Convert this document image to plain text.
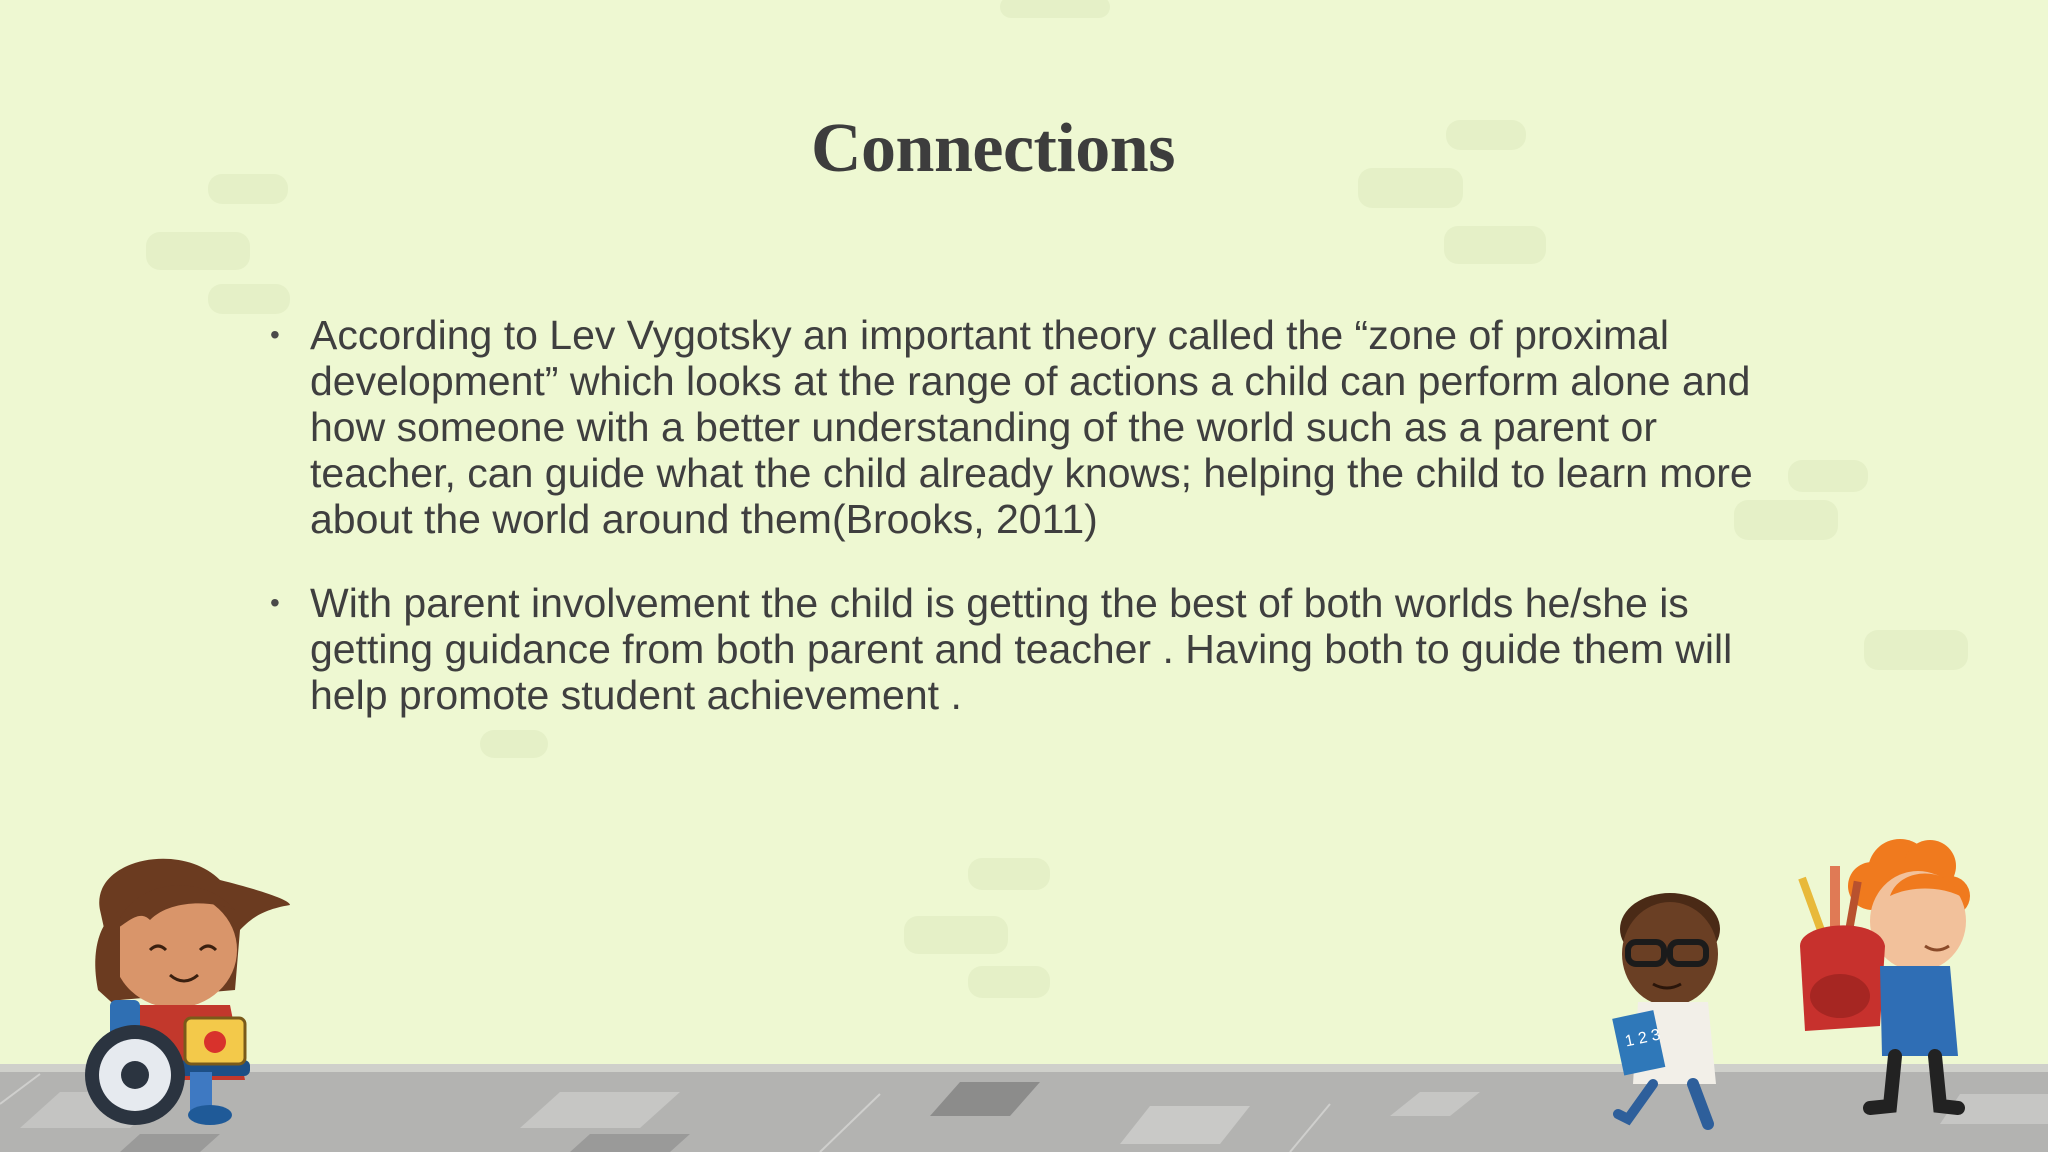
Connections
• According to Lev Vygotsky an important theory called the “zone of proximal development” which looks at the range of actions a child can perform alone and how someone with a better understanding of the world such as a parent or teacher, can guide what the child already knows; helping the child to learn more about the world around them(Brooks, 2011)
• With parent involvement the child is getting the best of both worlds he/she is getting guidance from both parent and teacher . Having both to guide them will help promote student achievement .
1 2 3
